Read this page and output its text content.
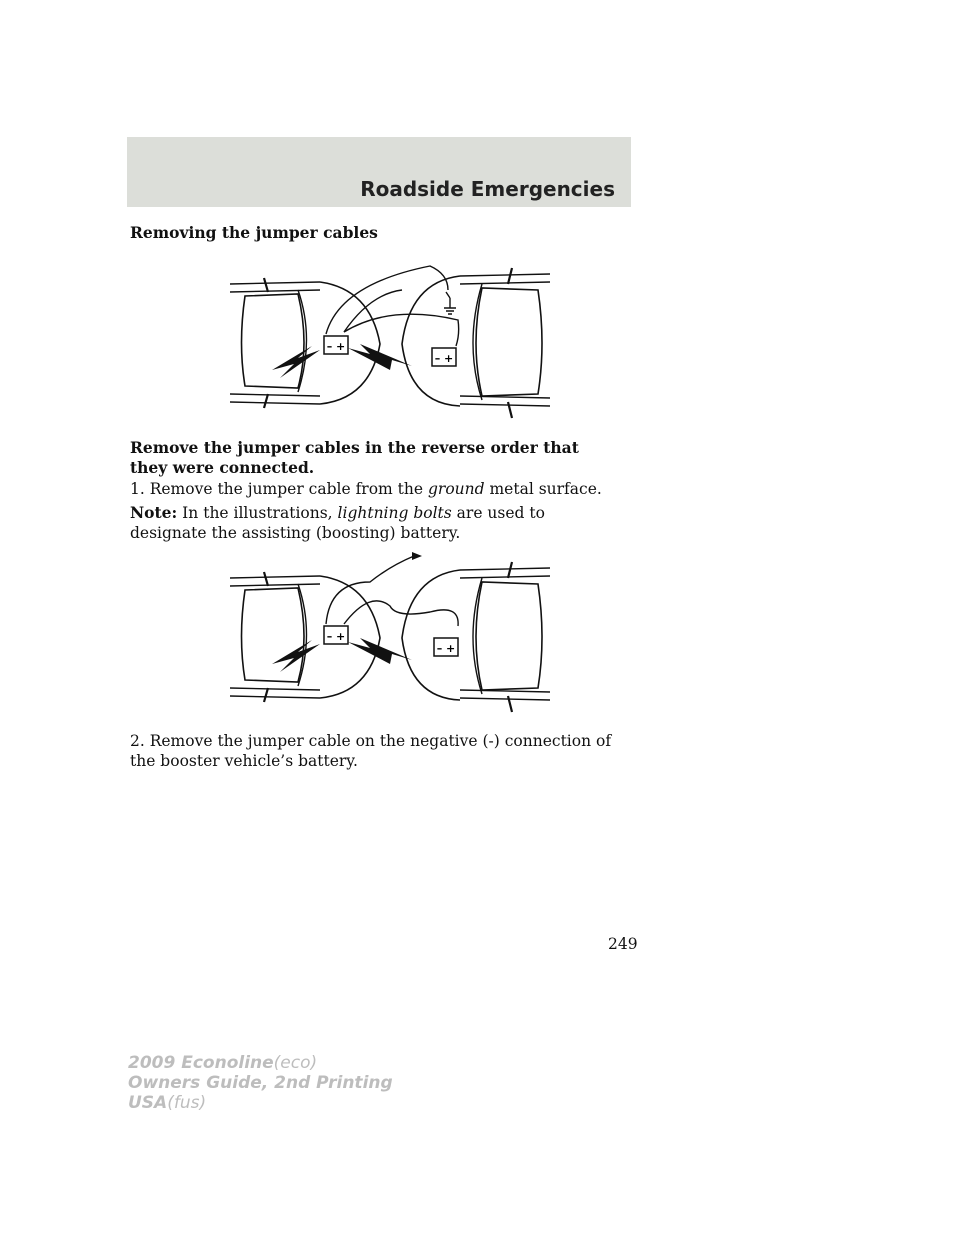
Roadside Emergencies
Removing the jumper cables
– +
– +
Remove the jumper cables in the reverse order that they were connected.
1. Remove the jumper cable from the ground metal surface.
Note: In the illustrations, lightning bolts are used to designate the assisting (boosting) battery.
– +
– +
2. Remove the jumper cable on the negative (-) connection of the booster vehicle’s battery.
249
2009 Econoline(eco)
Owners Guide, 2nd Printing
USA(fus)
